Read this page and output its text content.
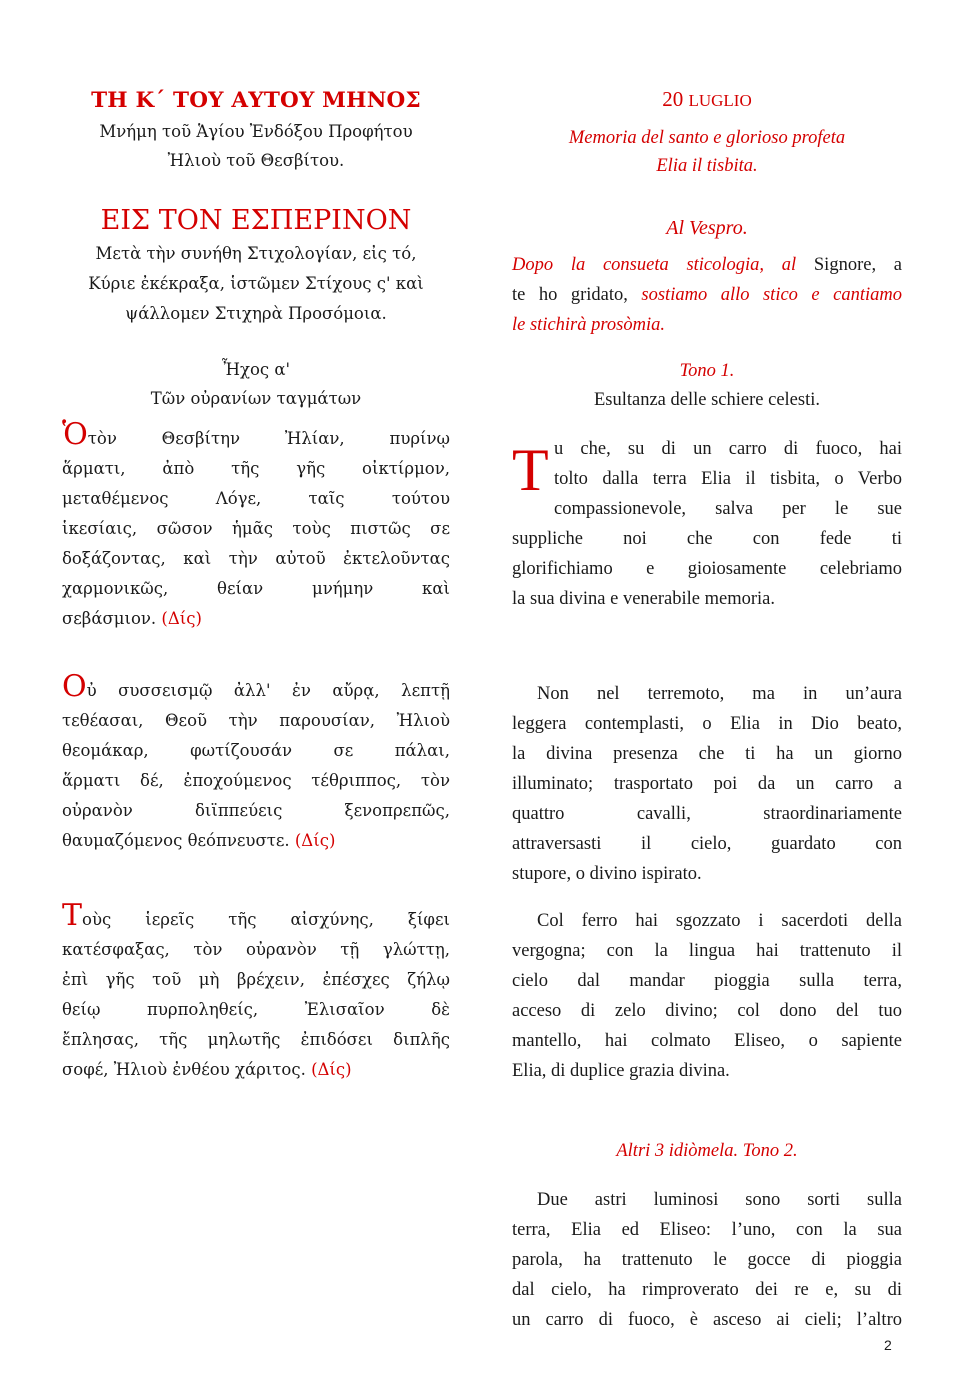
ΤΗ Κ΄ ΤΟΥ ΑΥΤΟΥ ΜΗΝΟΣ
Μνήμη τοῦ Ἁγίου Ἐνδόξου Προφήτου
Ἠλιοὺ τοῦ Θεσβίτου.
ΕΙΣ ΤΟΝ ΕΣΠΕΡΙΝΟΝ
Μετὰ τὴν συνήθη Στιχολογίαν, εἰς τό,
Κύριε ἐκέκραξα, ἱστῶμεν Στίχους ς' καὶ
ψάλλομεν Στιχηρὰ Προσόμοια.
Ἦχος α'
Τῶν οὐρανίων ταγμάτων
Ὁτὸν Θεσβίτην Ἠλίαν, πυρίνῳ
ἅρματι, ἀπὸ τῆς γῆς οἰκτίρμον,
μεταθέμενος Λόγε, ταῖς τούτου
ἱκεσίαις, σῶσον ἡμᾶς τοὺς πιστῶς σε
δοξάζοντας, καὶ τὴν αὐτοῦ ἐκτελοῦντας
χαρμονικῶς, θείαν μνήμην καὶ
σεβάσμιον. (Δίς)
20 LUGLIO
Memoria del santo e glorioso profeta
Elia il tisbita.
Al Vespro.
Dopo la consueta sticologia, al Signore, a
te ho gridato, sostiamo allo stico e cantiamo
le stichirà prosòmia.
Tono 1.
Esultanza delle schiere celesti.
T u che, su di un carro di fuoco, hai
tolto dalla terra Elia il tisbita, o Verbo
compassionevole, salva per le sue
suppliche noi che con fede ti
glorifichiamo e gioiosamente celebriamo
la sua divina e venerabile memoria.
Οὐ συσσεισμῷ ἀλλ' ἐν αὔρᾳ, λεπτῇ
τεθέασαι, Θεοῦ τὴν παρουσίαν, Ἠλιοὺ
θεομάκαρ, φωτίζουσάν σε πάλαι,
ἅρματι δέ, ἐποχούμενος τέθριππος, τὸν
οὐρανὸν διϊππεύεις ξενοπρεπῶς,
θαυμαζόμενος θεόπνευστε. (Δίς)
Non nel terremoto, ma in un’aura
leggera contemplasti, o Elia in Dio beato,
la divina presenza che ti ha un giorno
illuminato; trasportato poi da un carro a
quattro cavalli, straordinariamente
attraversasti il cielo, guardato con
stupore, o divino ispirato.
Τοὺς ἱερεῖς τῆς αἰσχύνης, ξίφει
κατέσφαξας, τὸν οὐρανὸν τῇ γλώττῃ,
ἐπὶ γῆς τοῦ μὴ βρέχειν, ἐπέσχες ζήλῳ
θείῳ πυρποληθείς, Ἐλισαῖον δὲ
ἔπλησας, τῆς μηλωτῆς ἐπιδόσει διπλῆς
σοφέ, Ἠλιοὺ ἐνθέου χάριτος. (Δίς)
Col ferro hai sgozzato i sacerdoti della
vergogna; con la lingua hai trattenuto il
cielo dal mandar pioggia sulla terra,
acceso di zelo divino; col dono del tuo
mantello, hai colmato Eliseo, o sapiente
Elia, di duplice grazia divina.
Altri 3 idiòmela. Tono 2.
Due astri luminosi sono sorti sulla
terra, Elia ed Eliseo: l’uno, con la sua
parola, ha trattenuto le gocce di pioggia
dal cielo, ha rimproverato dei re e, su di
un carro di fuoco, è asceso ai cieli; l’altro
2
